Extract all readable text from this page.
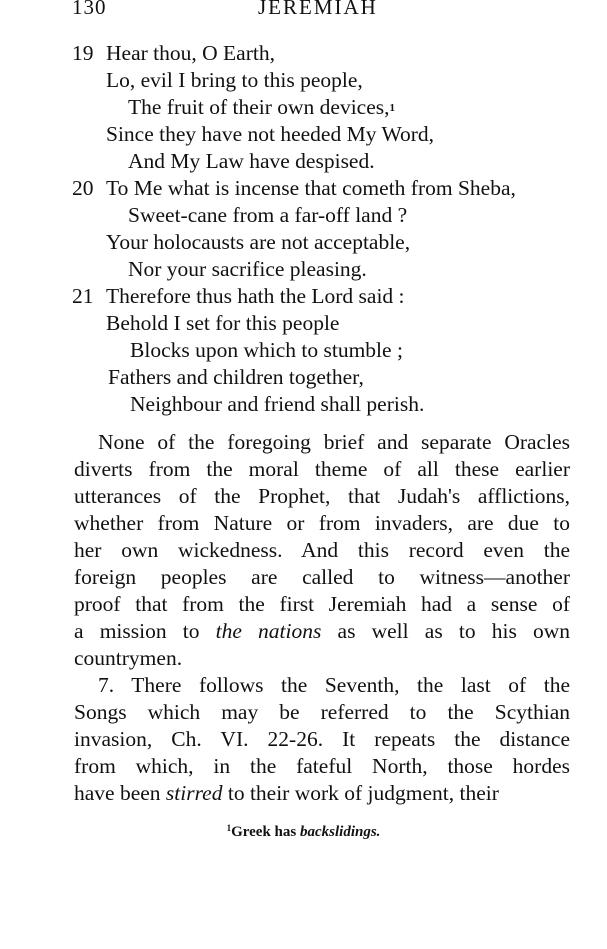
130	JEREMIAH
19 Hear thou, O Earth,
Lo, evil I bring to this people,
The fruit of their own devices,$^1$
Since they have not heeded My Word,
And My Law have despised.
20 To Me what is incense that cometh from Sheba,
Sweet-cane from a far-off land ?
Your holocausts are not acceptable,
Nor your sacrifice pleasing.
21 Therefore thus hath the Lord said :
Behold I set for this people
Blocks upon which to stumble ;
Fathers and children together,
Neighbour and friend shall perish.
None of the foregoing brief and separate Oracles
diverts from the moral theme of all these earlier
utterances of the Prophet, that Judah's afflictions,
whether from Nature or from invaders, are due to
her own wickedness. And this record even the
foreign peoples are called to witness—another
proof that from the first Jeremiah had a sense of
a mission to the nations as well as to his own
countrymen.
7. There follows the Seventh, the last of the
Songs which may be referred to the Scythian
invasion, Ch. VI. 22-26. It repeats the distance
from which, in the fateful North, those hordes
have been stirred to their work of judgment, their
$^1$Greek has backslidings.
